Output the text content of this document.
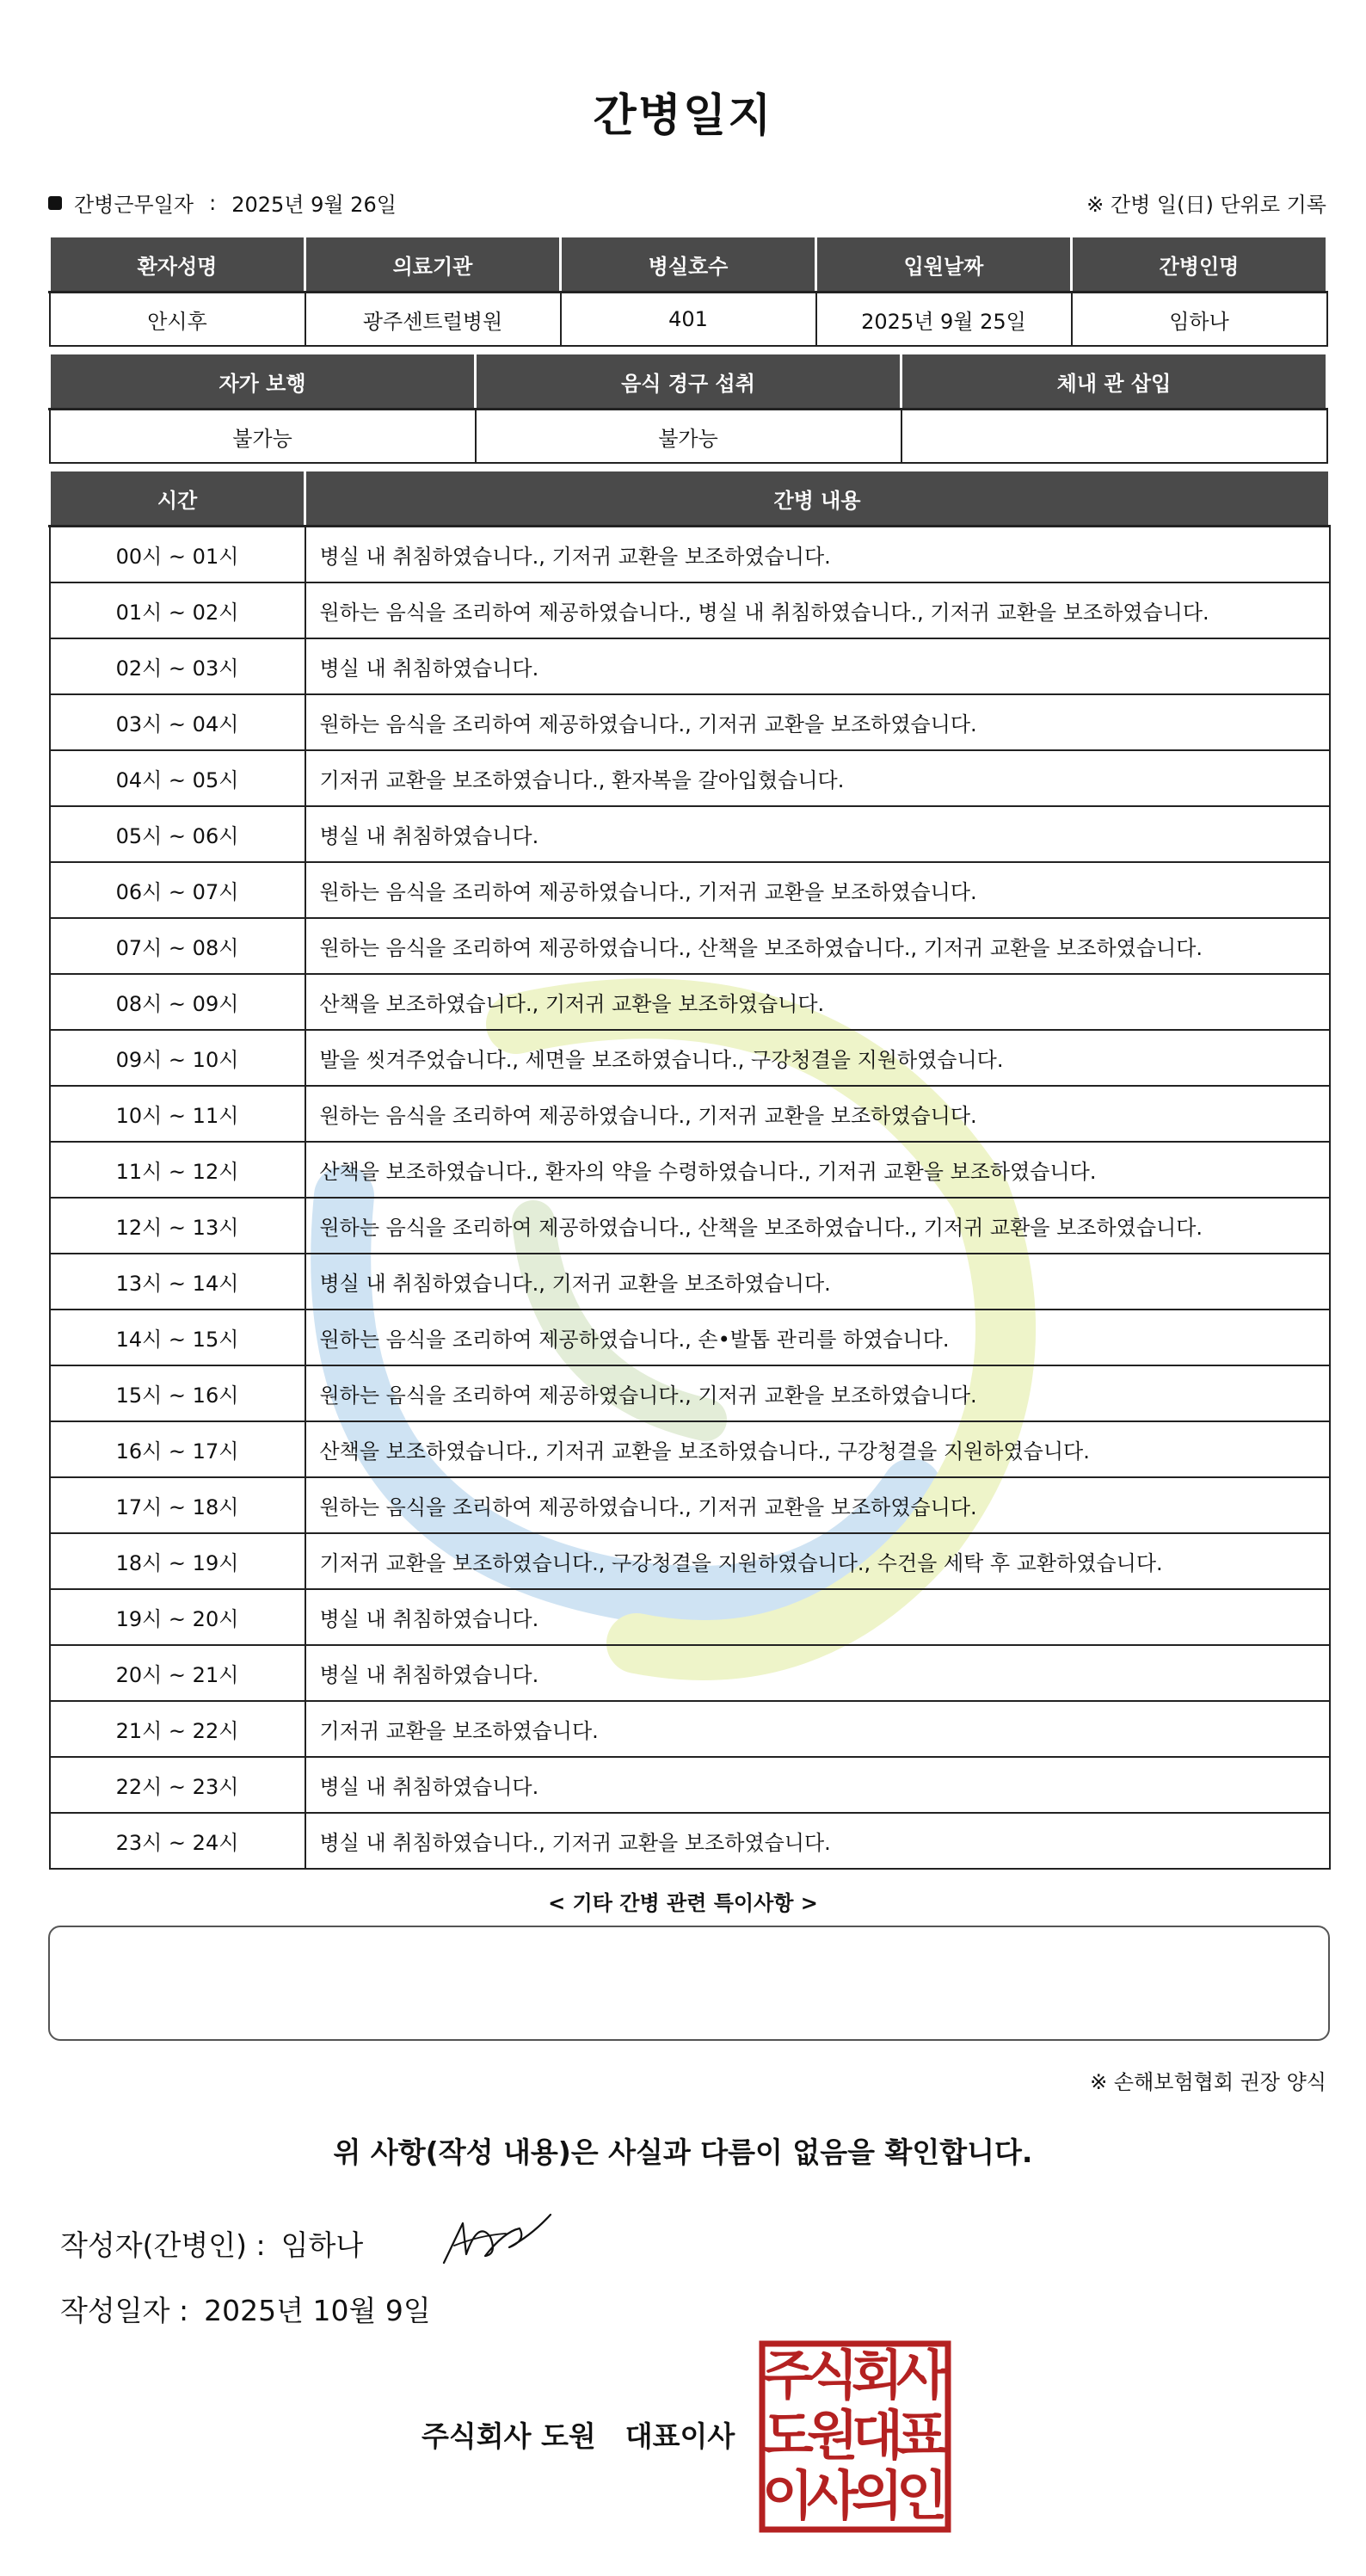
간병일지
간병근무일자 : 2025년 9월 26일	※ 간병 일(日) 단위로 기록
환자성명	의료기관	병실호수	입원날짜	간병인명
안시후	광주센트럴병원	401	2025년 9월 25일	임하나
자가 보행	음식 경구 섭취	체내 관 삽입
불가능	불가능	
시간	간병 내용
00시 ~ 01시	병실 내 취침하였습니다., 기저귀 교환을 보조하였습니다.
01시 ~ 02시	원하는 음식을 조리하여 제공하였습니다., 병실 내 취침하였습니다., 기저귀 교환을 보조하였습니다.
02시 ~ 03시	병실 내 취침하였습니다.
03시 ~ 04시	원하는 음식을 조리하여 제공하였습니다., 기저귀 교환을 보조하였습니다.
04시 ~ 05시	기저귀 교환을 보조하였습니다., 환자복을 갈아입혔습니다.
05시 ~ 06시	병실 내 취침하였습니다.
06시 ~ 07시	원하는 음식을 조리하여 제공하였습니다., 기저귀 교환을 보조하였습니다.
07시 ~ 08시	원하는 음식을 조리하여 제공하였습니다., 산책을 보조하였습니다., 기저귀 교환을 보조하였습니다.
08시 ~ 09시	산책을 보조하였습니다., 기저귀 교환을 보조하였습니다.
09시 ~ 10시	발을 씻겨주었습니다., 세면을 보조하였습니다., 구강청결을 지원하였습니다.
10시 ~ 11시	원하는 음식을 조리하여 제공하였습니다., 기저귀 교환을 보조하였습니다.
11시 ~ 12시	산책을 보조하였습니다., 환자의 약을 수령하였습니다., 기저귀 교환을 보조하였습니다.
12시 ~ 13시	원하는 음식을 조리하여 제공하였습니다., 산책을 보조하였습니다., 기저귀 교환을 보조하였습니다.
13시 ~ 14시	병실 내 취침하였습니다., 기저귀 교환을 보조하였습니다.
14시 ~ 15시	원하는 음식을 조리하여 제공하였습니다., 손•발톱 관리를 하였습니다.
15시 ~ 16시	원하는 음식을 조리하여 제공하였습니다., 기저귀 교환을 보조하였습니다.
16시 ~ 17시	산책을 보조하였습니다., 기저귀 교환을 보조하였습니다., 구강청결을 지원하였습니다.
17시 ~ 18시	원하는 음식을 조리하여 제공하였습니다., 기저귀 교환을 보조하였습니다.
18시 ~ 19시	기저귀 교환을 보조하였습니다., 구강청결을 지원하였습니다., 수건을 세탁 후 교환하였습니다.
19시 ~ 20시	병실 내 취침하였습니다.
20시 ~ 21시	병실 내 취침하였습니다.
21시 ~ 22시	기저귀 교환을 보조하였습니다.
22시 ~ 23시	병실 내 취침하였습니다.
23시 ~ 24시	병실 내 취침하였습니다., 기저귀 교환을 보조하였습니다.
< 기타 간병 관련 특이사항 >
※ 손해보험협회 권장 양식
위 사항(작성 내용)은 사실과 다름이 없음을 확인합니다.
작성자(간병인) : 임하나
작성일자 : 2025년 10월 9일
주식회사 도원 대표이사
주
식
회
사
도
원
대
표
이
사
의
인
